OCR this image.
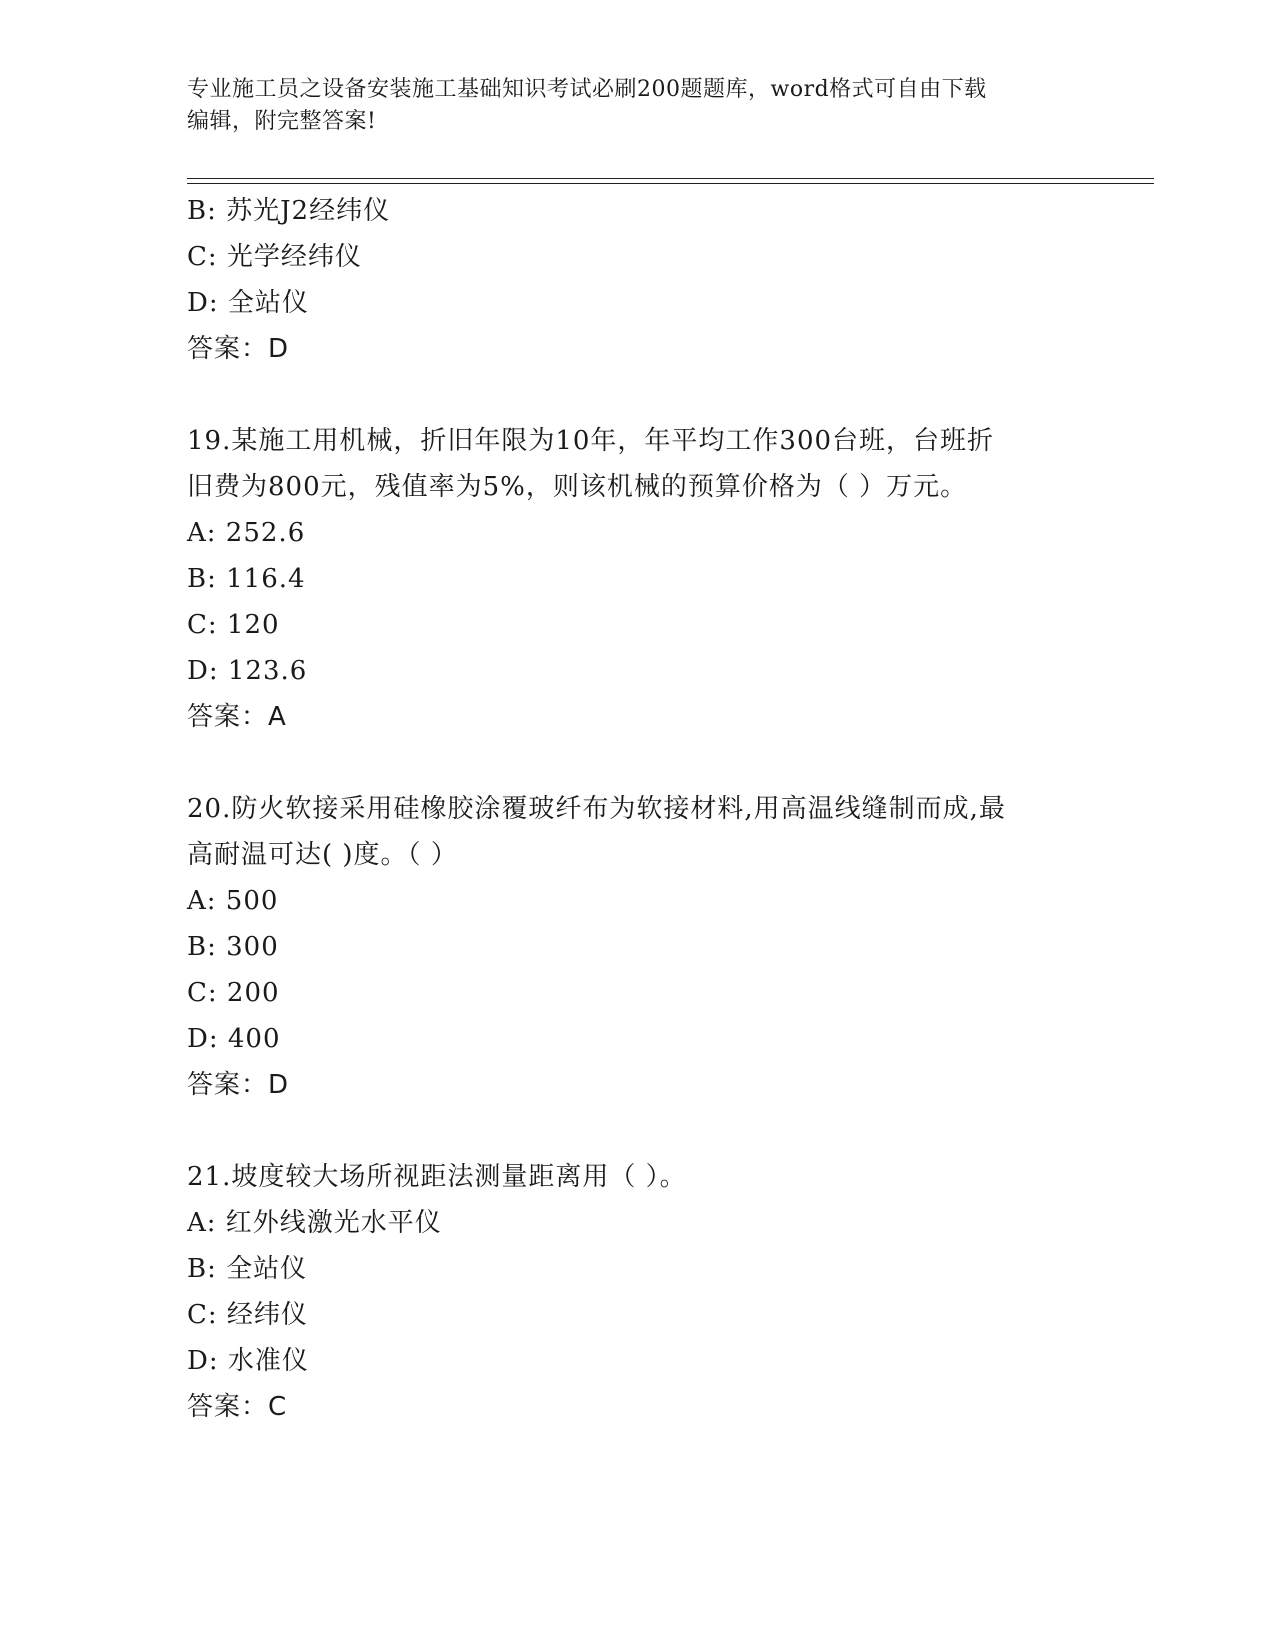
专业施工员之设备安装施工基础知识考试必刷200题题库，word格式可自由下载
编辑，附完整答案!
B: 苏光J2经纬仪
C: 光学经纬仪
D: 全站仪
答案：D
19.某施工用机械，折旧年限为10年，年平均工作300台班，台班折
旧费为800元，残值率为5%，则该机械的预算价格为（ ）万元。
A: 252.6
B: 116.4
C: 120
D: 123.6
答案：A
20.防火软接采用硅橡胶涂覆玻纤布为软接材料,用高温线缝制而成,最
高耐温可达( )度。（ ）
A: 500
B: 300
C: 200
D: 400
答案：D
21.坡度较大场所视距法测量距离用（ ）。
A: 红外线激光水平仪
B: 全站仪
C: 经纬仪
D: 水准仪
答案：C
